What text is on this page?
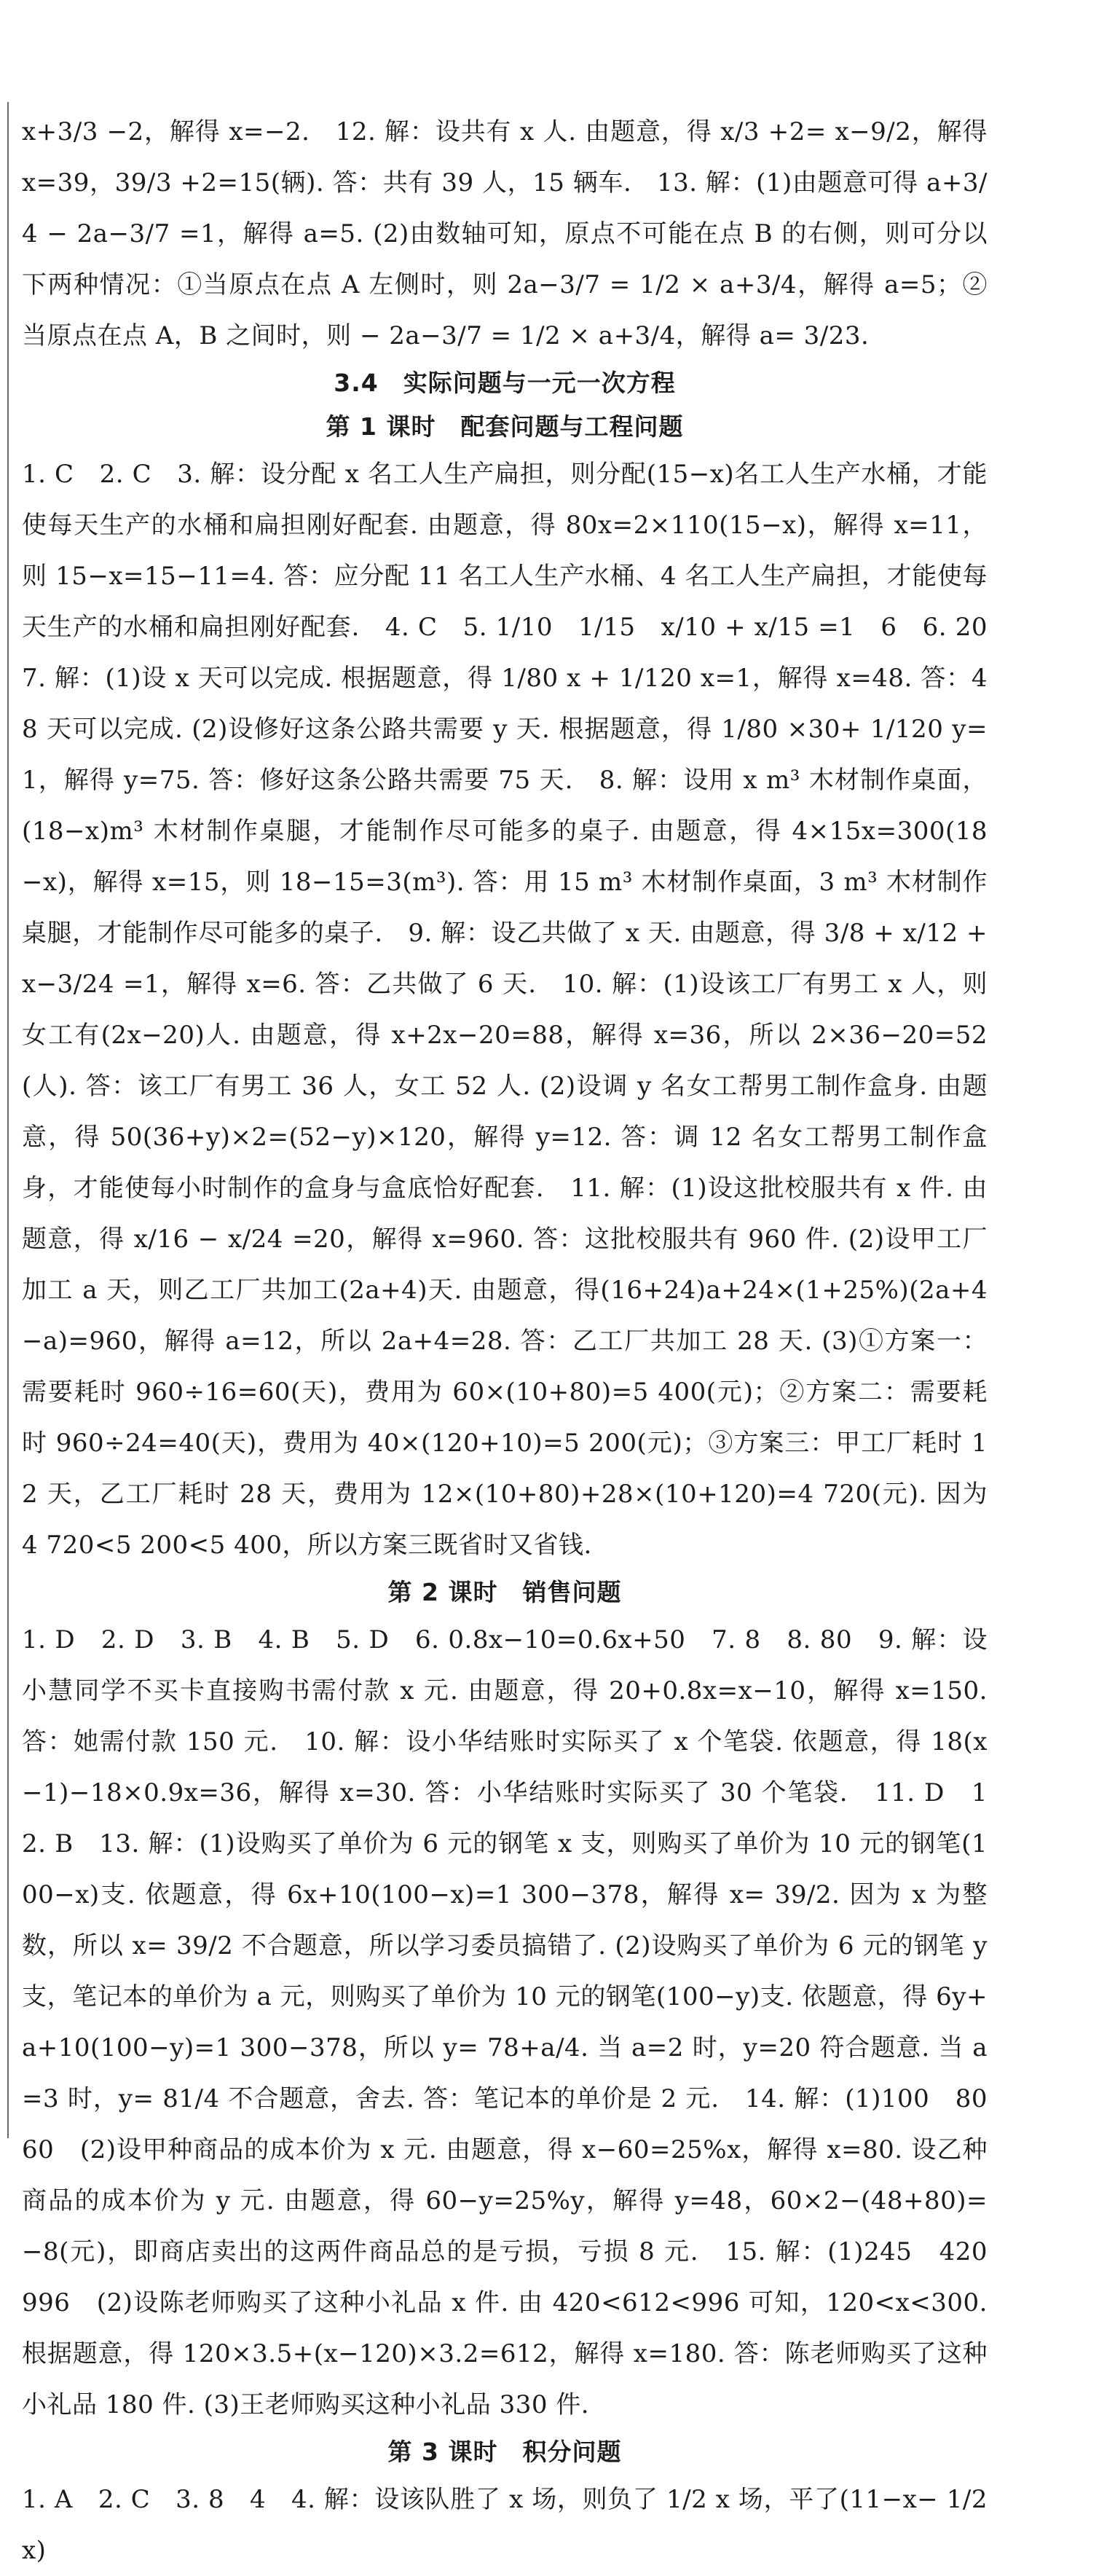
x+3/3 −2，解得 x=−2.　12. 解：设共有 x 人. 由题意，得 x/3 +2= x−9/2，解得 x=39，39/3 +2=15(辆). 答：共有 39 人，15 辆车.　13. 解：(1)由题意可得 a+3/4 − 2a−3/7 =1，解得 a=5. (2)由数轴可知，原点不可能在点 B 的右侧，则可分以下两种情况：①当原点在点 A 左侧时，则 2a−3/7 = 1/2 × a+3/4，解得 a=5；②当原点在点 A，B 之间时，则 − 2a−3/7 = 1/2 × a+3/4，解得 a= 3/23.

3.4　实际问题与一元一次方程
第 1 课时　配套问题与工程问题

1. C　2. C　3. 解：设分配 x 名工人生产扁担，则分配(15−x)名工人生产水桶，才能使每天生产的水桶和扁担刚好配套. 由题意，得 80x=2×110(15−x)，解得 x=11，则 15−x=15−11=4. 答：应分配 11 名工人生产水桶、4 名工人生产扁担，才能使每天生产的水桶和扁担刚好配套.　4. C　5. 1/10　1/15　x/10 + x/15 =1　6　6. 20　7. 解：(1)设 x 天可以完成. 根据题意，得 1/80 x + 1/120 x=1，解得 x=48. 答：48 天可以完成. (2)设修好这条公路共需要 y 天. 根据题意，得 1/80 ×30+ 1/120 y=1，解得 y=75. 答：修好这条公路共需要 75 天.　8. 解：设用 x m³ 木材制作桌面，(18−x)m³ 木材制作桌腿，才能制作尽可能多的桌子. 由题意，得 4×15x=300(18−x)，解得 x=15，则 18−15=3(m³). 答：用 15 m³ 木材制作桌面，3 m³ 木材制作桌腿，才能制作尽可能多的桌子.　9. 解：设乙共做了 x 天. 由题意，得 3/8 + x/12 + x−3/24 =1，解得 x=6. 答：乙共做了 6 天.　10. 解：(1)设该工厂有男工 x 人，则女工有(2x−20)人. 由题意，得 x+2x−20=88，解得 x=36，所以 2×36−20=52(人). 答：该工厂有男工 36 人，女工 52 人. (2)设调 y 名女工帮男工制作盒身. 由题意，得 50(36+y)×2=(52−y)×120，解得 y=12. 答：调 12 名女工帮男工制作盒身，才能使每小时制作的盒身与盒底恰好配套.　11. 解：(1)设这批校服共有 x 件. 由题意，得 x/16 − x/24 =20，解得 x=960. 答：这批校服共有 960 件. (2)设甲工厂加工 a 天，则乙工厂共加工(2a+4)天. 由题意，得(16+24)a+24×(1+25%)(2a+4−a)=960，解得 a=12，所以 2a+4=28. 答：乙工厂共加工 28 天. (3)①方案一：需要耗时 960÷16=60(天)，费用为 60×(10+80)=5 400(元)；②方案二：需要耗时 960÷24=40(天)，费用为 40×(120+10)=5 200(元)；③方案三：甲工厂耗时 12 天，乙工厂耗时 28 天，费用为 12×(10+80)+28×(10+120)=4 720(元). 因为 4 720<5 200<5 400，所以方案三既省时又省钱.

第 2 课时　销售问题

1. D　2. D　3. B　4. B　5. D　6. 0.8x−10=0.6x+50　7. 8　8. 80　9. 解：设小慧同学不买卡直接购书需付款 x 元. 由题意，得 20+0.8x=x−10，解得 x=150. 答：她需付款 150 元.　10. 解：设小华结账时实际买了 x 个笔袋. 依题意，得 18(x−1)−18×0.9x=36，解得 x=30. 答：小华结账时实际买了 30 个笔袋.　11. D　12. B　13. 解：(1)设购买了单价为 6 元的钢笔 x 支，则购买了单价为 10 元的钢笔(100−x)支. 依题意，得 6x+10(100−x)=1 300−378，解得 x= 39/2. 因为 x 为整数，所以 x= 39/2 不合题意，所以学习委员搞错了. (2)设购买了单价为 6 元的钢笔 y 支，笔记本的单价为 a 元，则购买了单价为 10 元的钢笔(100−y)支. 依题意，得 6y+a+10(100−y)=1 300−378，所以 y= 78+a/4. 当 a=2 时，y=20 符合题意. 当 a=3 时，y= 81/4 不合题意，舍去. 答：笔记本的单价是 2 元.　14. 解：(1)100　80　60　(2)设甲种商品的成本价为 x 元. 由题意，得 x−60=25%x，解得 x=80. 设乙种商品的成本价为 y 元. 由题意，得 60−y=25%y，解得 y=48，60×2−(48+80)=−8(元)，即商店卖出的这两件商品总的是亏损，亏损 8 元.　15. 解：(1)245　420　996　(2)设陈老师购买了这种小礼品 x 件. 由 420<612<996 可知，120<x<300. 根据题意，得 120×3.5+(x−120)×3.2=612，解得 x=180. 答：陈老师购买了这种小礼品 180 件. (3)王老师购买这种小礼品 330 件.

第 3 课时　积分问题

1. A　2. C　3. 8　4　4. 解：设该队胜了 x 场，则负了 1/2 x 场，平了(11−x− 1/2 x)
